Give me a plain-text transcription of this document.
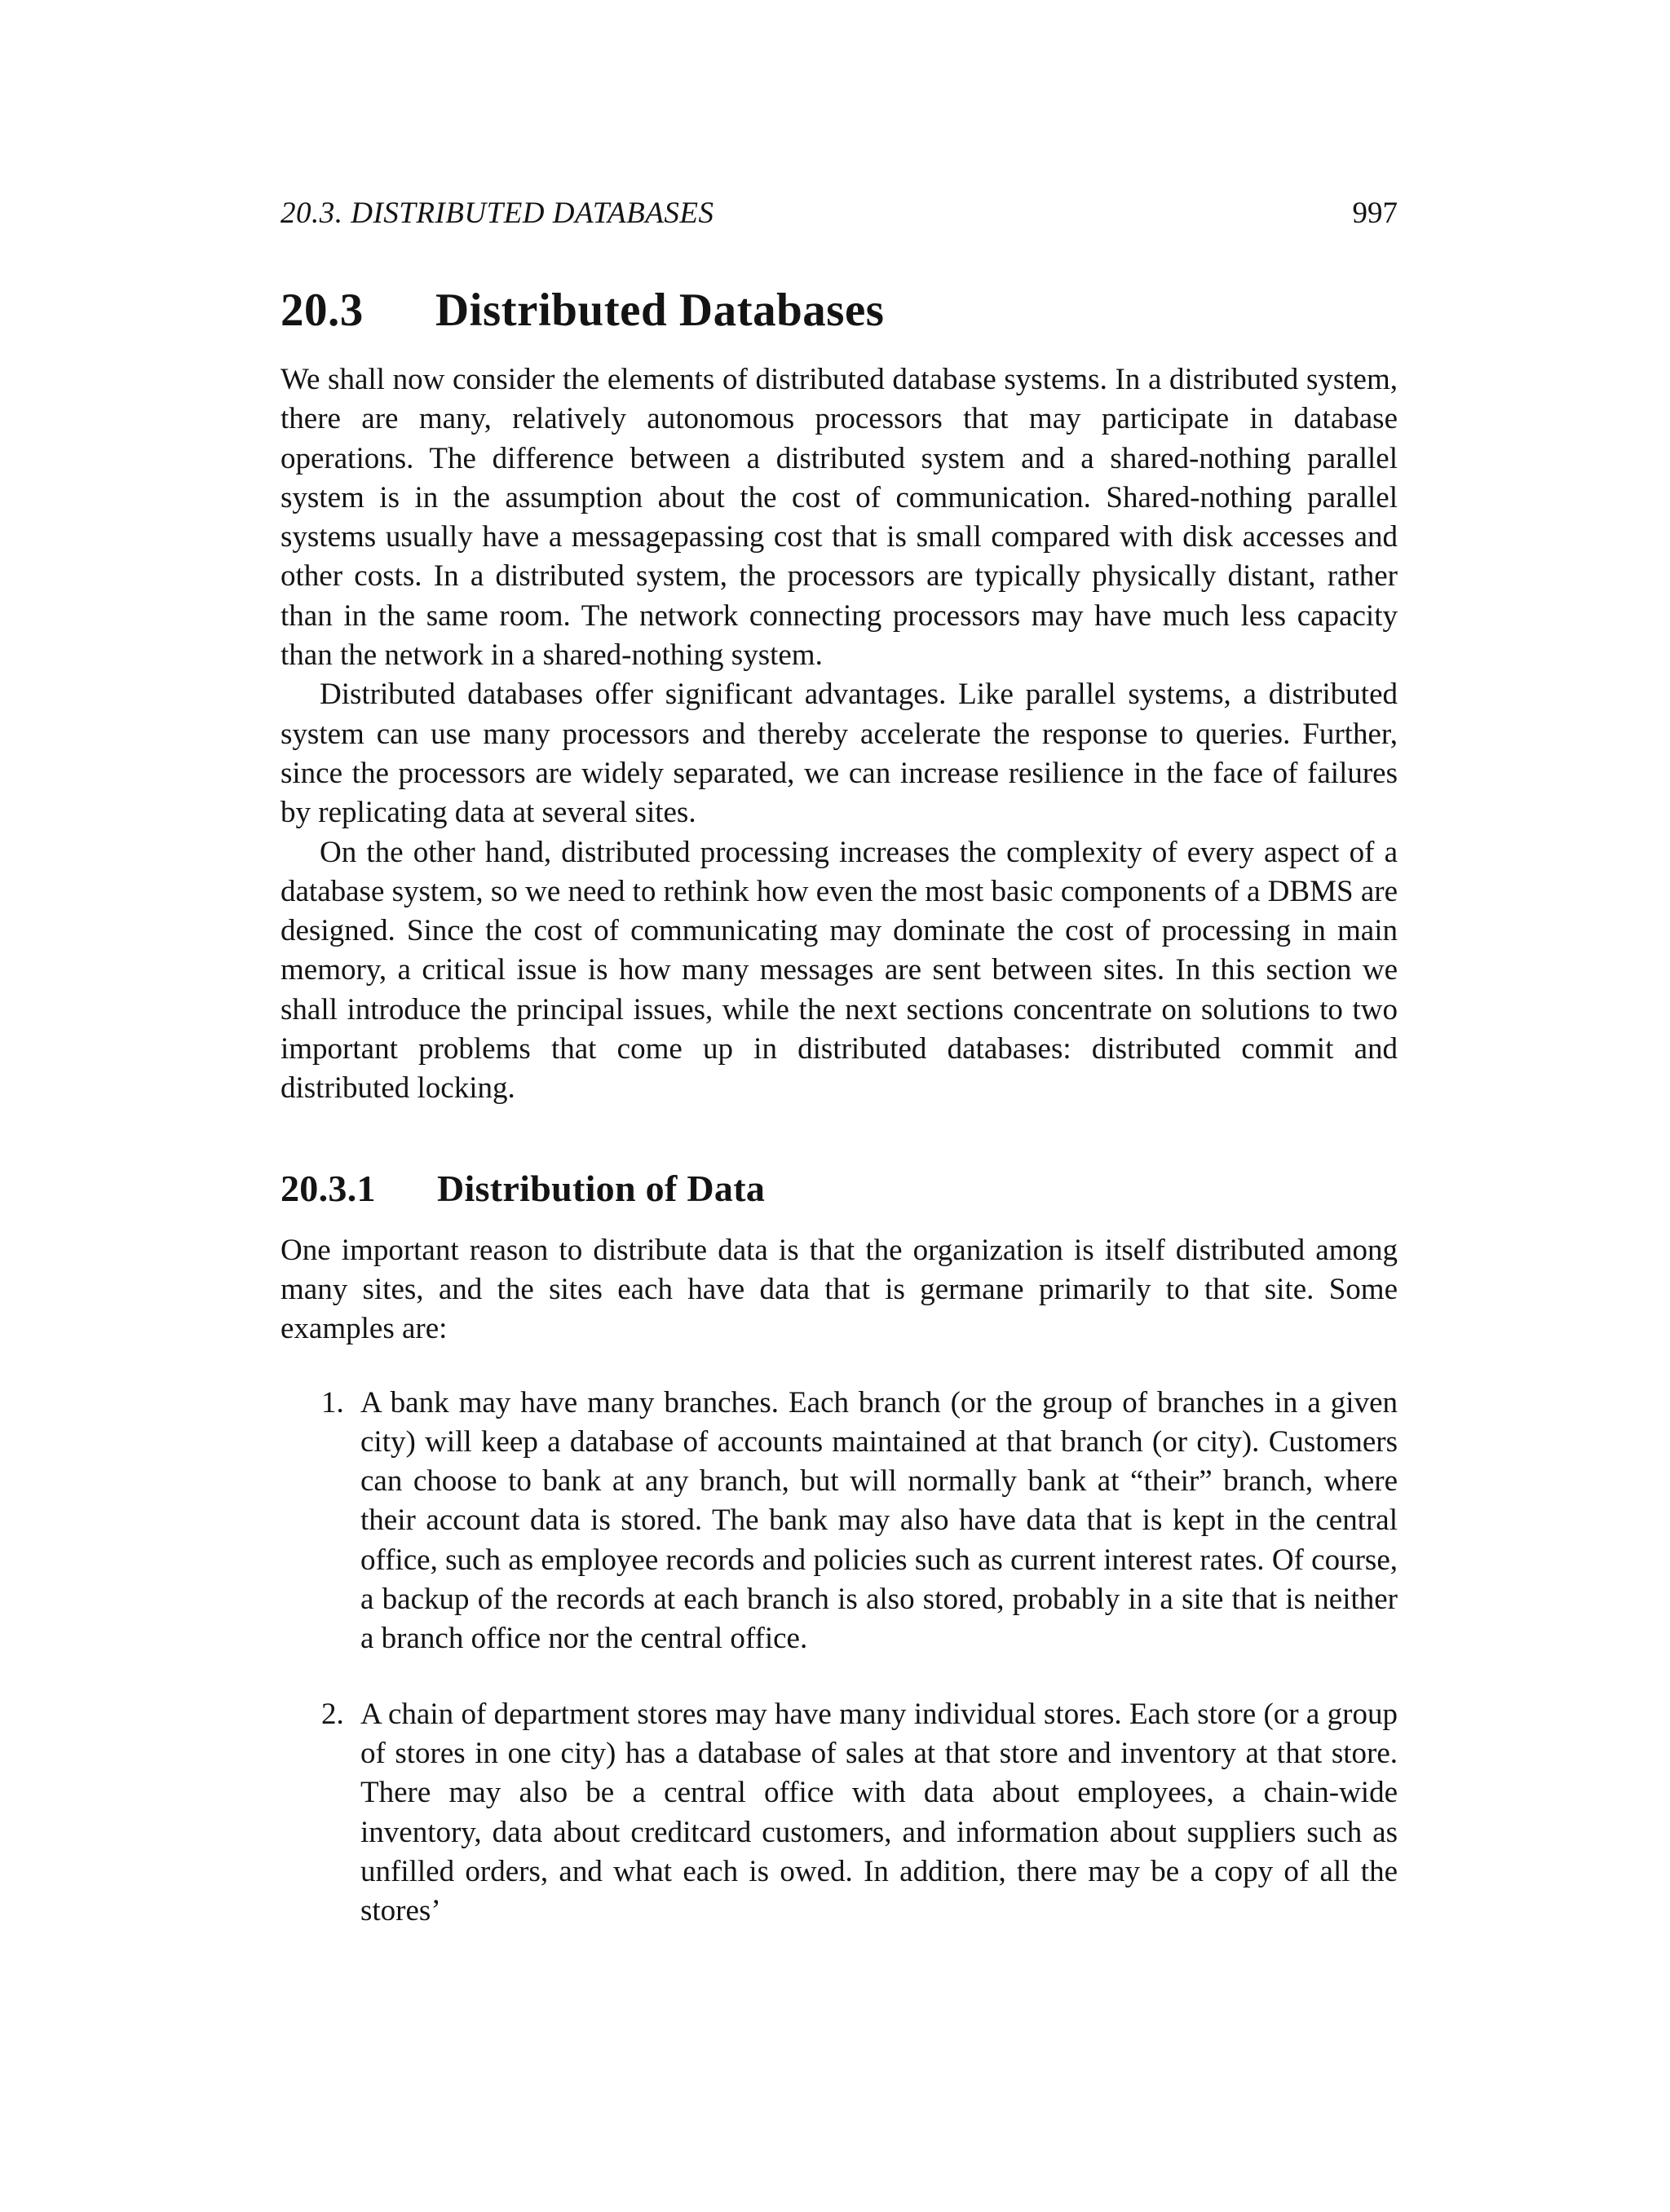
20.3. DISTRIBUTED DATABASES	997
20.3 Distributed Databases

We shall now consider the elements of distributed database systems. In a distributed system, there are many, relatively autonomous processors that may participate in database operations. The difference between a distributed system and a shared-nothing parallel system is in the assumption about the cost of communication. Shared-nothing parallel systems usually have a messagepassing cost that is small compared with disk accesses and other costs. In a distributed system, the processors are typically physically distant, rather than in the same room. The network connecting processors may have much less capacity than the network in a shared-nothing system.

Distributed databases offer significant advantages. Like parallel systems, a distributed system can use many processors and thereby accelerate the response to queries. Further, since the processors are widely separated, we can increase resilience in the face of failures by replicating data at several sites.

On the other hand, distributed processing increases the complexity of every aspect of a database system, so we need to rethink how even the most basic components of a DBMS are designed. Since the cost of communicating may dominate the cost of processing in main memory, a critical issue is how many messages are sent between sites. In this section we shall introduce the principal issues, while the next sections concentrate on solutions to two important problems that come up in distributed databases: distributed commit and distributed locking.

20.3.1 Distribution of Data

One important reason to distribute data is that the organization is itself distributed among many sites, and the sites each have data that is germane primarily to that site. Some examples are:

1. A bank may have many branches. Each branch (or the group of branches in a given city) will keep a database of accounts maintained at that branch (or city). Customers can choose to bank at any branch, but will normally bank at “their” branch, where their account data is stored. The bank may also have data that is kept in the central office, such as employee records and policies such as current interest rates. Of course, a backup of the records at each branch is also stored, probably in a site that is neither a branch office nor the central office.
2. A chain of department stores may have many individual stores. Each store (or a group of stores in one city) has a database of sales at that store and inventory at that store. There may also be a central office with data about employees, a chain-wide inventory, data about creditcard customers, and information about suppliers such as unfilled orders, and what each is owed. In addition, there may be a copy of all the stores’
